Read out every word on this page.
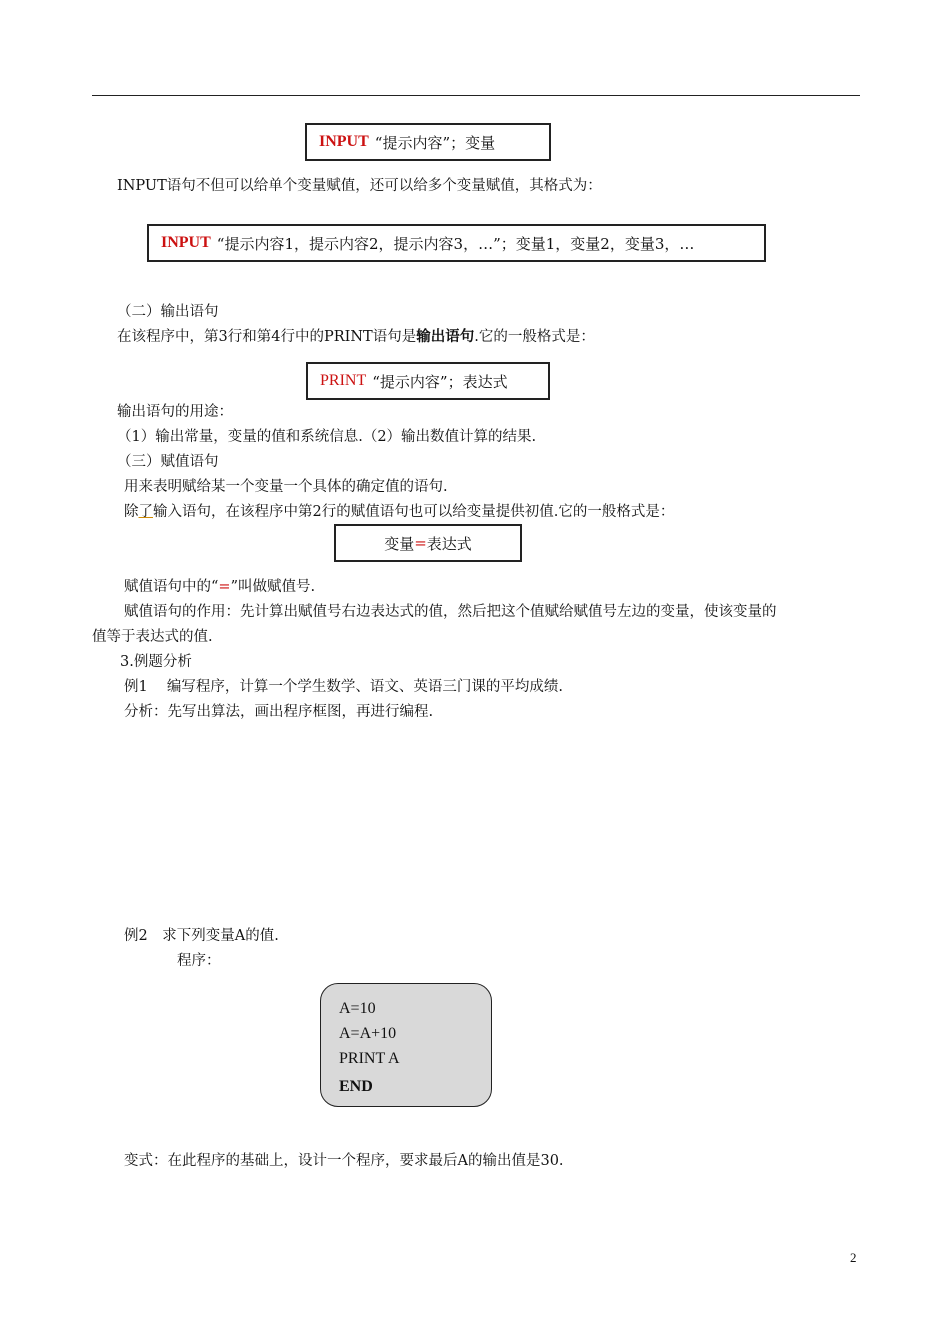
INPUT “提示内容”；变量
INPUT语句不但可以给单个变量赋值，还可以给多个变量赋值，其格式为：
INPUT “提示内容1，提示内容2，提示内容3，…”；变量1，变量2，变量3，…
（二）输出语句
在该程序中，第3行和第4行中的PRINT语句是输出语句.它的一般格式是：
PRINT “提示内容”；表达式
输出语句的用途：
（1）输出常量，变量的值和系统信息.（2）输出数值计算的结果.
（三）赋值语句
用来表明赋给某一个变量一个具体的确定值的语句.
除了输入语句，在该程序中第2行的赋值语句也可以给变量提供初值.它的一般格式是：
变量 = 表达式
赋值语句中的“=”叫做赋值号.
赋值语句的作用：先计算出赋值号右边表达式的值，然后把这个值赋给赋值号左边的变量，使该变量的
值等于表达式的值.
3.例题分析
例1　 编写程序，计算一个学生数学、语文、英语三门课的平均成绩.
分析：先写出算法，画出程序框图，再进行编程.
例2　求下列变量A的值.
程序：
A=10
A=A+10
PRINT A
END
变式：在此程序的基础上，设计一个程序，要求最后A的输出值是30.
2
